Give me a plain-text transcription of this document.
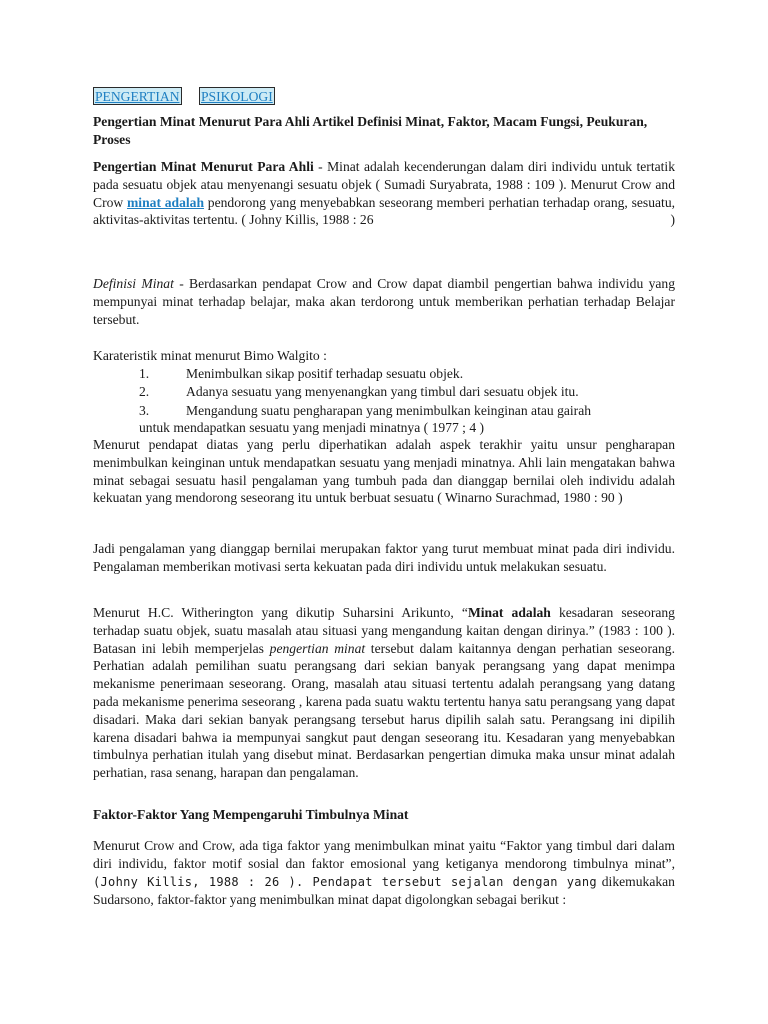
PENGERTIAN PSIKOLOGI

Pengertian Minat Menurut Para Ahli Artikel Definisi Minat, Faktor, Macam Fungsi, Peukuran, Proses

Pengertian Minat Menurut Para Ahli - Minat adalah kecenderungan dalam diri individu untuk tertatik pada sesuatu objek atau menyenangi sesuatu objek ( Sumadi Suryabrata, 1988 : 109 ). Menurut Crow and Crow minat adalah pendorong yang menyebabkan seseorang memberi perhatian terhadap orang, sesuatu, aktivitas-aktivitas tertentu. ( Johny Killis, 1988 : 26	)

Definisi Minat - Berdasarkan pendapat Crow and Crow dapat diambil pengertian bahwa individu yang mempunyai minat terhadap belajar, maka akan terdorong untuk memberikan perhatian terhadap Belajar tersebut.

Karateristik minat menurut Bimo Walgito :

1.	Menimbulkan sikap positif terhadap sesuatu objek.
2.	Adanya sesuatu yang menyenangkan yang timbul dari sesuatu objek itu.
3.	Mengandung suatu pengharapan yang menimbulkan keinginan atau gairah
untuk mendapatkan sesuatu yang menjadi minatnya ( 1977 ; 4 )

Menurut pendapat diatas yang perlu diperhatikan adalah aspek terakhir yaitu unsur pengharapan menimbulkan keinginan untuk mendapatkan sesuatu yang menjadi minatnya. Ahli lain mengatakan bahwa minat sebagai sesuatu hasil pengalaman yang tumbuh pada dan dianggap bernilai oleh individu adalah kekuatan yang mendorong seseorang itu untuk berbuat sesuatu ( Winarno Surachmad, 1980 : 90 )

Jadi pengalaman yang dianggap bernilai merupakan faktor yang turut membuat minat pada diri individu. Pengalaman memberikan motivasi serta kekuatan pada diri individu untuk melakukan sesuatu.

Menurut H.C. Witherington yang dikutip Suharsini Arikunto, “Minat adalah kesadaran seseorang terhadap suatu objek, suatu masalah atau situasi yang mengandung kaitan dengan dirinya.” (1983 : 100 ). Batasan ini lebih memperjelas pengertian minat tersebut dalam kaitannya dengan perhatian seseorang. Perhatian adalah pemilihan suatu perangsang dari sekian banyak perangsang yang dapat menimpa mekanisme penerimaan seseorang. Orang, masalah atau situasi tertentu adalah perangsang yang datang pada mekanisme penerima seseorang , karena pada suatu waktu tertentu hanya satu perangsang yang dapat disadari. Maka dari sekian banyak perangsang tersebut harus dipilih salah satu. Perangsang ini dipilih karena disadari bahwa ia mempunyai sangkut paut dengan seseorang itu. Kesadaran yang menyebabkan timbulnya perhatian itulah yang disebut minat. Berdasarkan pengertian dimuka maka unsur minat adalah perhatian, rasa senang, harapan dan pengalaman.

Faktor-Faktor Yang Mempengaruhi Timbulnya Minat

Menurut Crow and Crow, ada tiga faktor yang menimbulkan minat yaitu “Faktor yang timbul dari dalam diri individu, faktor motif sosial dan faktor emosional yang ketiganya mendorong timbulnya minat”, (Johny Killis, 1988 : 26 ). Pendapat tersebut sejalan dengan yang dikemukakan Sudarsono, faktor-faktor yang menimbulkan minat dapat digolongkan sebagai berikut :
